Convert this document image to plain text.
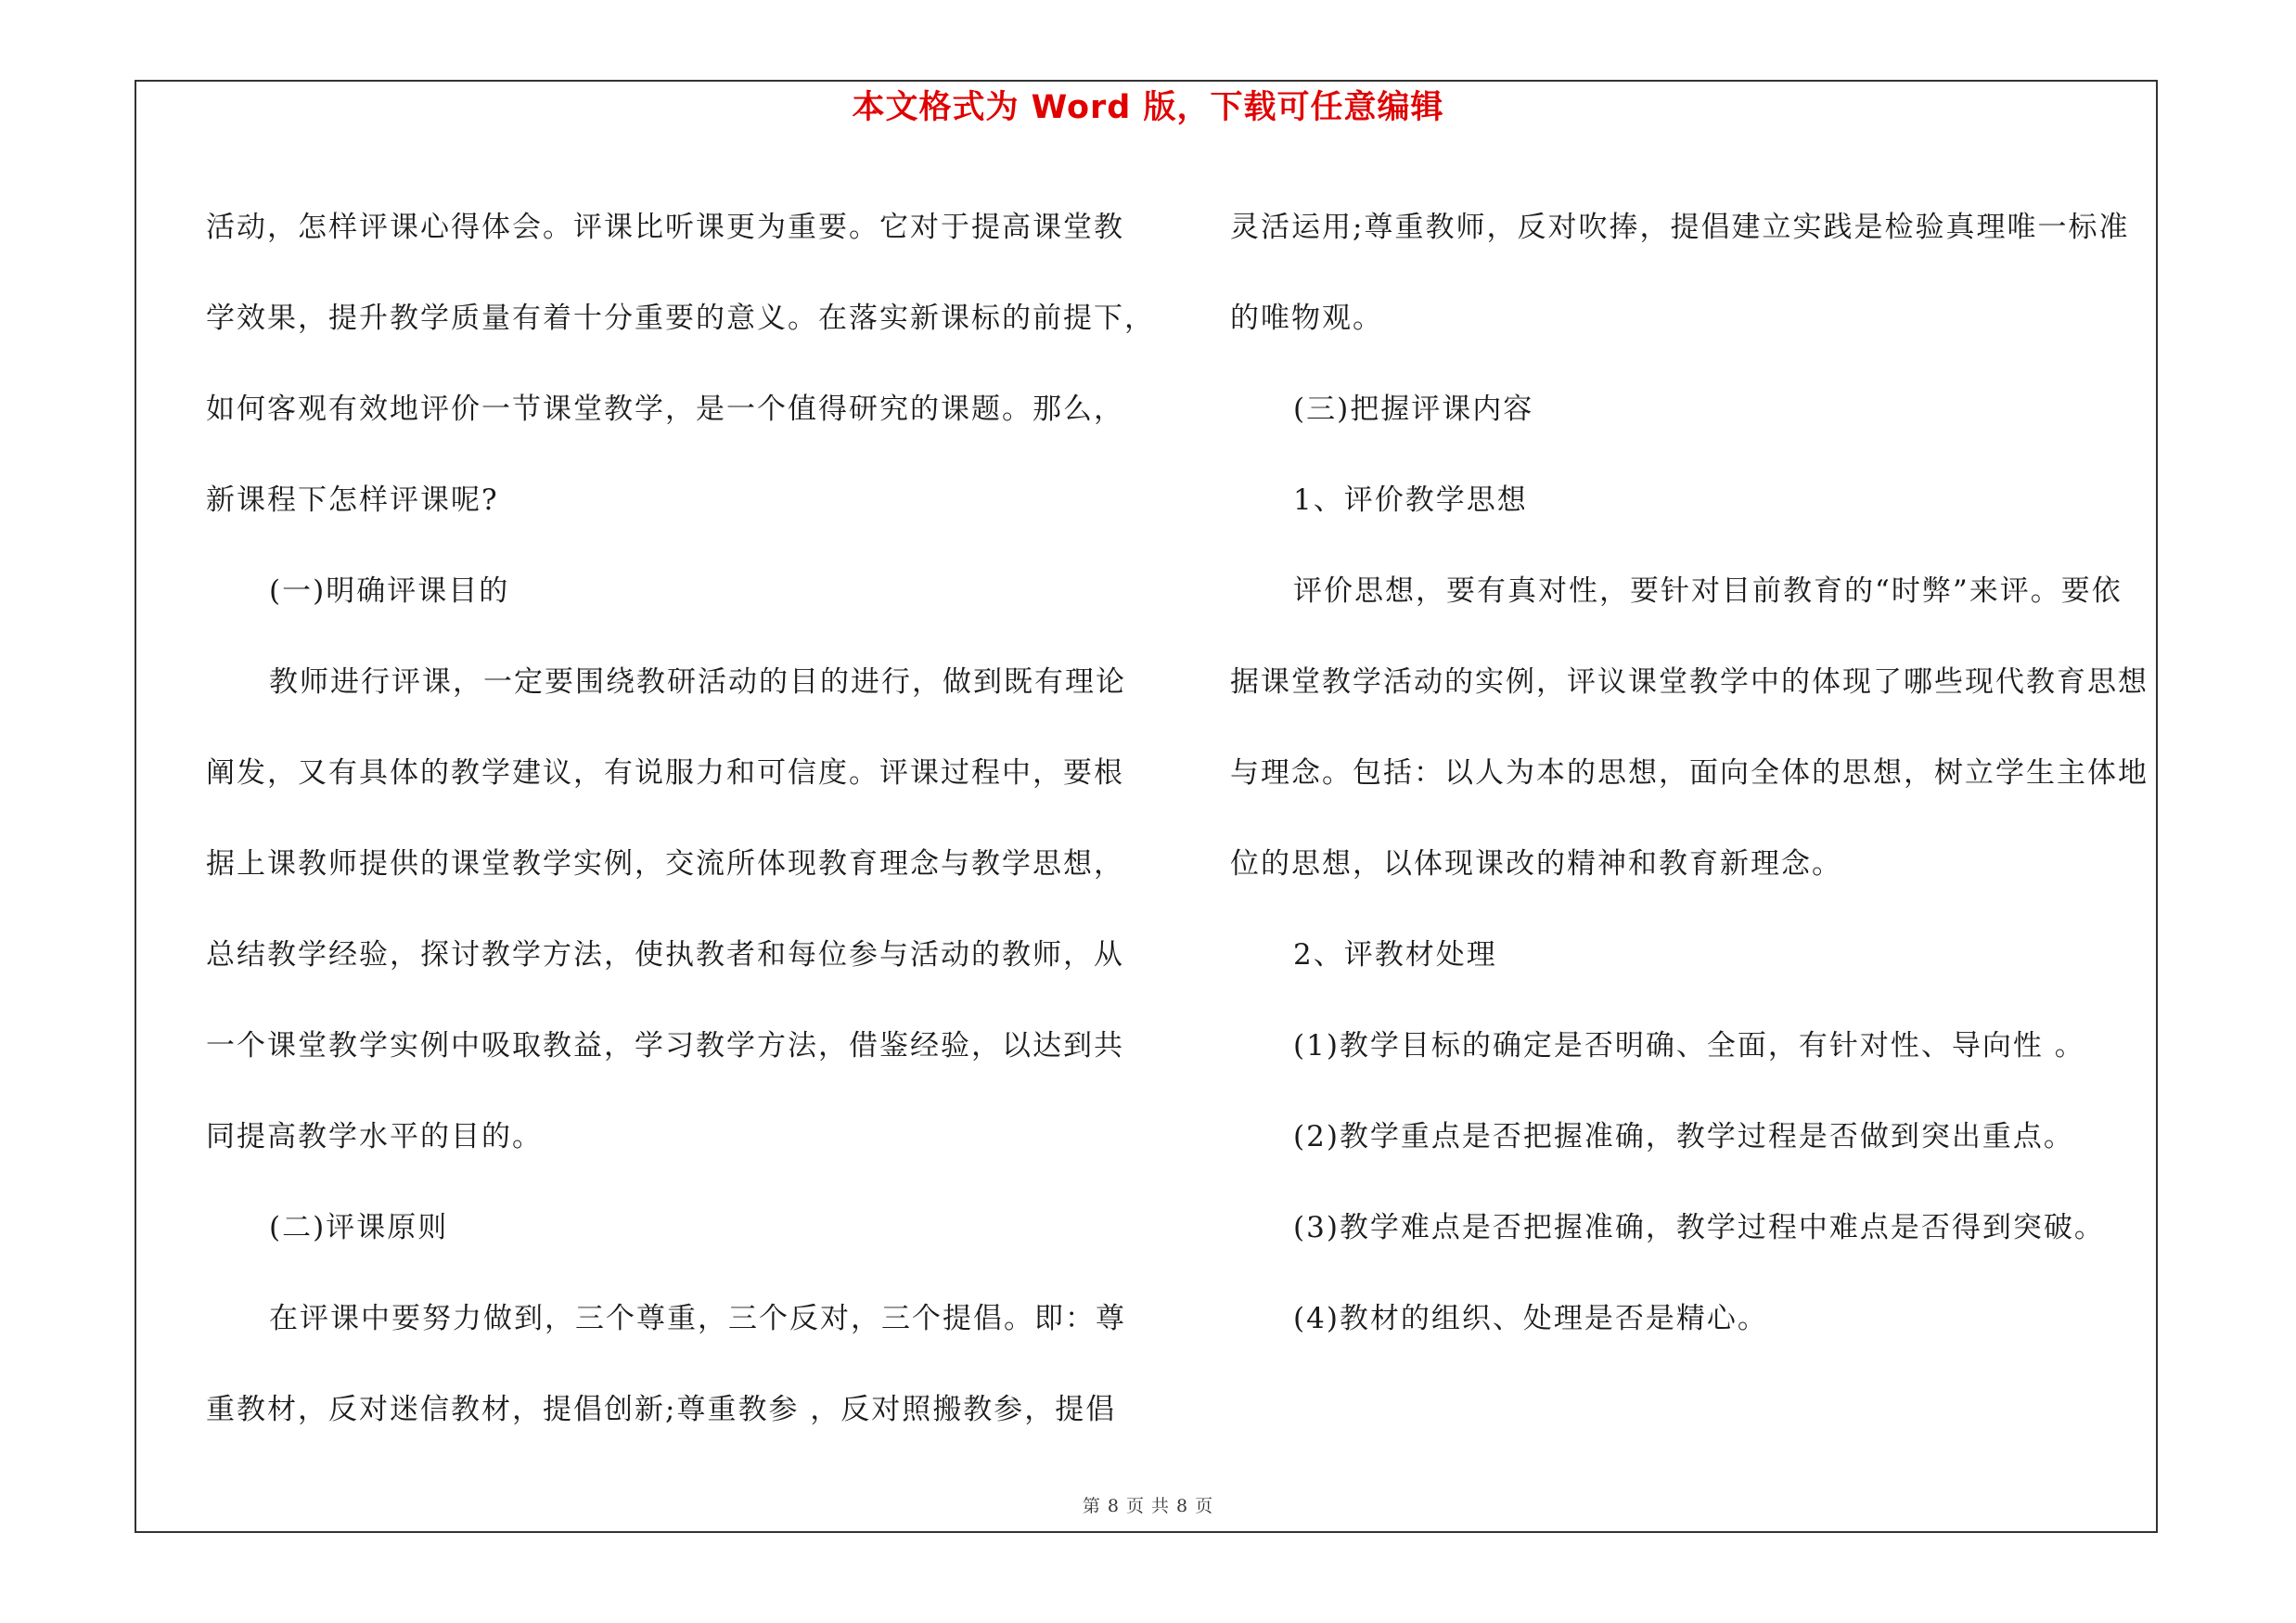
本文格式为 Word 版，下载可任意编辑
活动，怎样评课心得体会。评课比听课更为重要。它对于提高课堂教
学效果，提升教学质量有着十分重要的意义。在落实新课标的前提下，
如何客观有效地评价一节课堂教学，是一个值得研究的课题。那么，
新课程下怎样评课呢?
(一)明确评课目的
教师进行评课，一定要围绕教研活动的目的进行，做到既有理论
阐发，又有具体的教学建议，有说服力和可信度。评课过程中，要根
据上课教师提供的课堂教学实例，交流所体现教育理念与教学思想，
总结教学经验，探讨教学方法，使执教者和每位参与活动的教师，从
一个课堂教学实例中吸取教益，学习教学方法，借鉴经验，以达到共
同提高教学水平的目的。
(二)评课原则
在评课中要努力做到，三个尊重，三个反对，三个提倡。即：尊
重教材，反对迷信教材，提倡创新;尊重教参 ，反对照搬教参，提倡
灵活运用;尊重教师，反对吹捧，提倡建立实践是检验真理唯一标准
的唯物观。
(三)把握评课内容
1、评价教学思想
评价思想，要有真对性，要针对目前教育的“时弊”来评。要依
据课堂教学活动的实例，评议课堂教学中的体现了哪些现代教育思想
与理念。包括：以人为本的思想，面向全体的思想，树立学生主体地
位的思想，以体现课改的精神和教育新理念。
2、评教材处理
(1)教学目标的确定是否明确、全面，有针对性、导向性 。
(2)教学重点是否把握准确，教学过程是否做到突出重点。
(3)教学难点是否把握准确，教学过程中难点是否得到突破。
(4)教材的组织、处理是否是精心。
第 8 页 共 8 页
